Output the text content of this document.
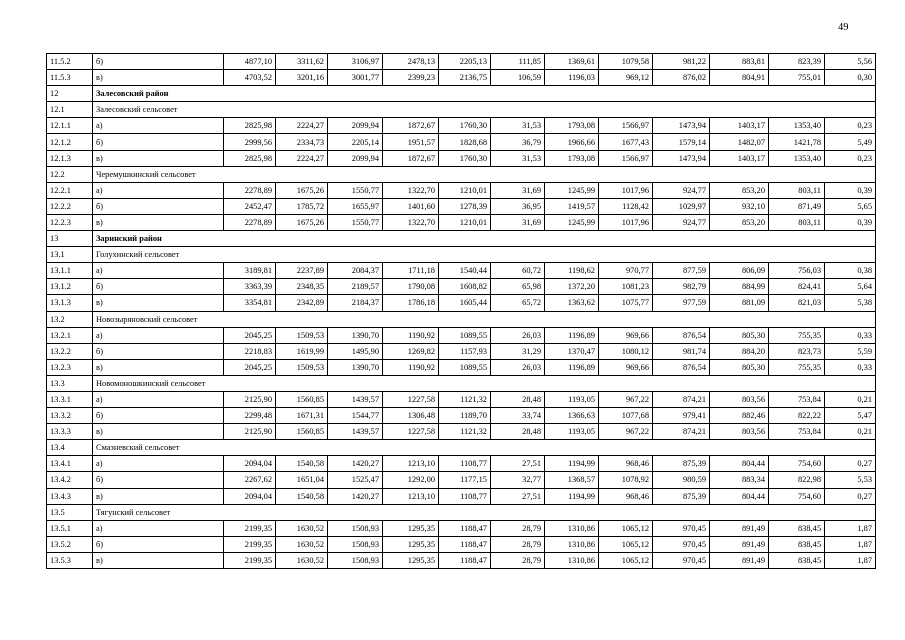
49
11.5.2	б)	4877,10	3311,62	3106,97	2478,13	2205,13	111,85	1369,61	1079,58	981,22	883,81	823,39	5,56
11.5.3	в)	4703,52	3201,16	3001,77	2399,23	2136,75	106,59	1196,03	969,12	876,02	804,91	755,01	0,30
12	Залесовский район												
12.1	Залесовский сельсовет												
12.1.1	а)	2825,98	2224,27	2099,94	1872,67	1760,30	31,53	1793,08	1566,97	1473,94	1403,17	1353,40	0,23
12.1.2	б)	2999,56	2334,73	2205,14	1951,57	1828,68	36,79	1966,66	1677,43	1579,14	1482,07	1421,78	5,49
12.1.3	в)	2825,98	2224,27	2099,94	1872,67	1760,30	31,53	1793,08	1566,97	1473,94	1403,17	1353,40	0,23
12.2	Черемушкинский сельсовет												
12.2.1	а)	2278,89	1675,26	1550,77	1322,70	1210,01	31,69	1245,99	1017,96	924,77	853,20	803,11	0,39
12.2.2	б)	2452,47	1785,72	1655,97	1401,60	1278,39	36,95	1419,57	1128,42	1029,97	932,10	871,49	5,65
12.2.3	в)	2278,89	1675,26	1550,77	1322,70	1210,01	31,69	1245,99	1017,96	924,77	853,20	803,11	0,39
13	Заринский район												
13.1	Голуxинский сельсовет												
13.1.1	а)	3189,81	2237,89	2084,37	1711,18	1540,44	60,72	1198,62	970,77	877,59	806,09	756,03	0,38
13.1.2	б)	3363,39	2348,35	2189,57	1790,08	1608,82	65,98	1372,20	1081,23	982,79	884,99	824,41	5,64
13.1.3	в)	3354,81	2342,89	2184,37	1786,18	1605,44	65,72	1363,62	1075,77	977,59	881,09	821,03	5,38
13.2	Новозыряновский сельсовет												
13.2.1	а)	2045,25	1509,53	1390,70	1190,92	1089,55	26,03	1196,89	969,66	876,54	805,30	755,35	0,33
13.2.2	б)	2218,83	1619,99	1495,90	1269,82	1157,93	31,29	1370,47	1080,12	981,74	884,20	823,73	5,59
13.2.3	в)	2045,25	1509,53	1390,70	1190,92	1089,55	26,03	1196,89	969,66	876,54	805,30	755,35	0,33
13.3	Новомоношкинский сельсовет												
13.3.1	а)	2125,90	1560,85	1439,57	1227,58	1121,32	28,48	1193,05	967,22	874,21	803,56	753,84	0,21
13.3.2	б)	2299,48	1671,31	1544,77	1306,48	1189,70	33,74	1366,63	1077,68	979,41	882,46	822,22	5,47
13.3.3	в)	2125,90	1560,85	1439,57	1227,58	1121,32	28,48	1193,05	967,22	874,21	803,56	753,84	0,21
13.4	Смазневский сельсовет												
13.4.1	а)	2094,04	1540,58	1420,27	1213,10	1108,77	27,51	1194,99	968,46	875,39	804,44	754,60	0,27
13.4.2	б)	2267,62	1651,04	1525,47	1292,00	1177,15	32,77	1368,57	1078,92	980,59	883,34	822,98	5,53
13.4.3	в)	2094,04	1540,58	1420,27	1213,10	1108,77	27,51	1194,99	968,46	875,39	804,44	754,60	0,27
13.5	Тягунский сельсовет												
13.5.1	а)	2199,35	1630,52	1508,93	1295,35	1188,47	28,79	1310,86	1065,12	970,45	891,49	838,45	1,87
13.5.2	б)	2199,35	1630,52	1508,93	1295,35	1188,47	28,79	1310,86	1065,12	970,45	891,49	838,45	1,87
13.5.3	в)	2199,35	1630,52	1508,93	1295,35	1188,47	28,79	1310,86	1065,12	970,45	891,49	838,45	1,87
